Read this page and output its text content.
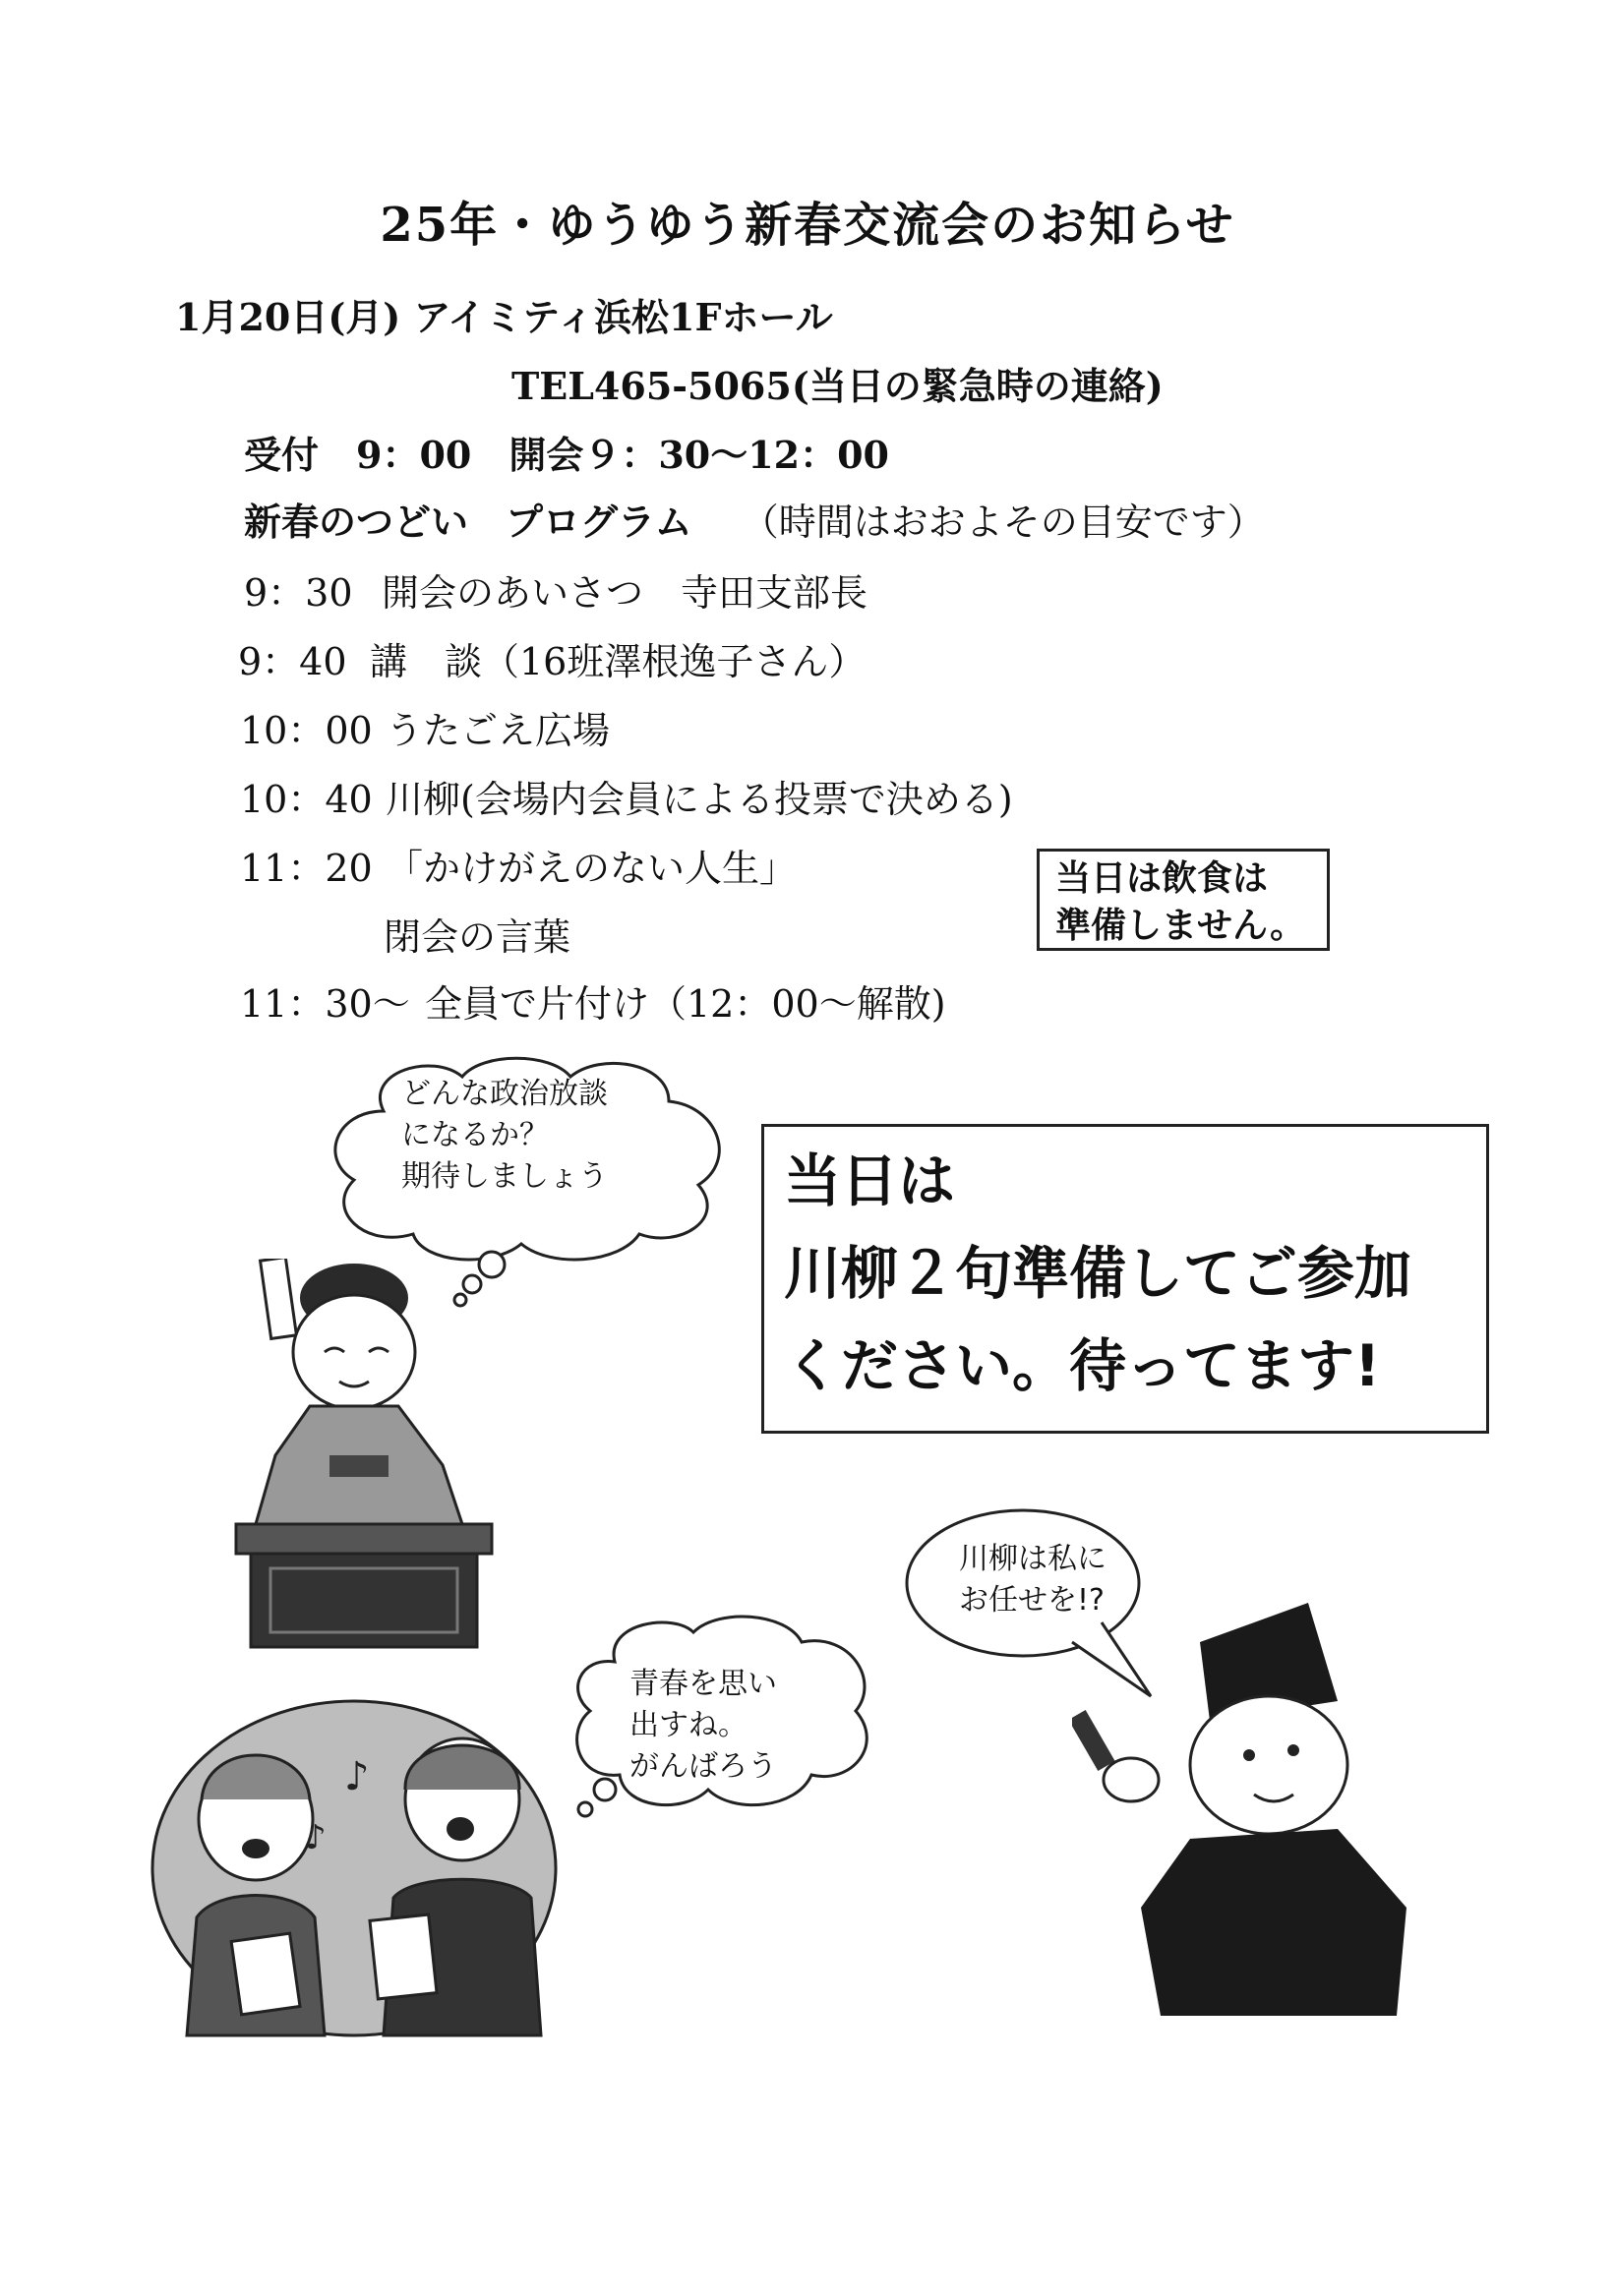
25年・ゆうゆう新春交流会のお知らせ
1月20日(月) アイミティ浜松1Fホール
TEL465-5065(当日の緊急時の連絡)
受付　9：00　開会９：30〜12：00
新春のつどい　プログラム （時間はおおよその目安です）
9：30 開会のあいさつ　寺田支部長
9：40 講　談（16班澤根逸子さん）
10：00 うたごえ広場
10：40 川柳(会場内会員による投票で決める)
11：20 「かけがえのない人生」
閉会の言葉
11：30〜 全員で片付け（12：00〜解散)
当日は飲食は
準備しません。
当日は
川柳２句準備してご参加
ください。待ってます!
どんな政治放談
になるか？
期待しましょう
川柳は私に
お任せを!?
青春を思い
出すね。
がんばろう
♪
♪
